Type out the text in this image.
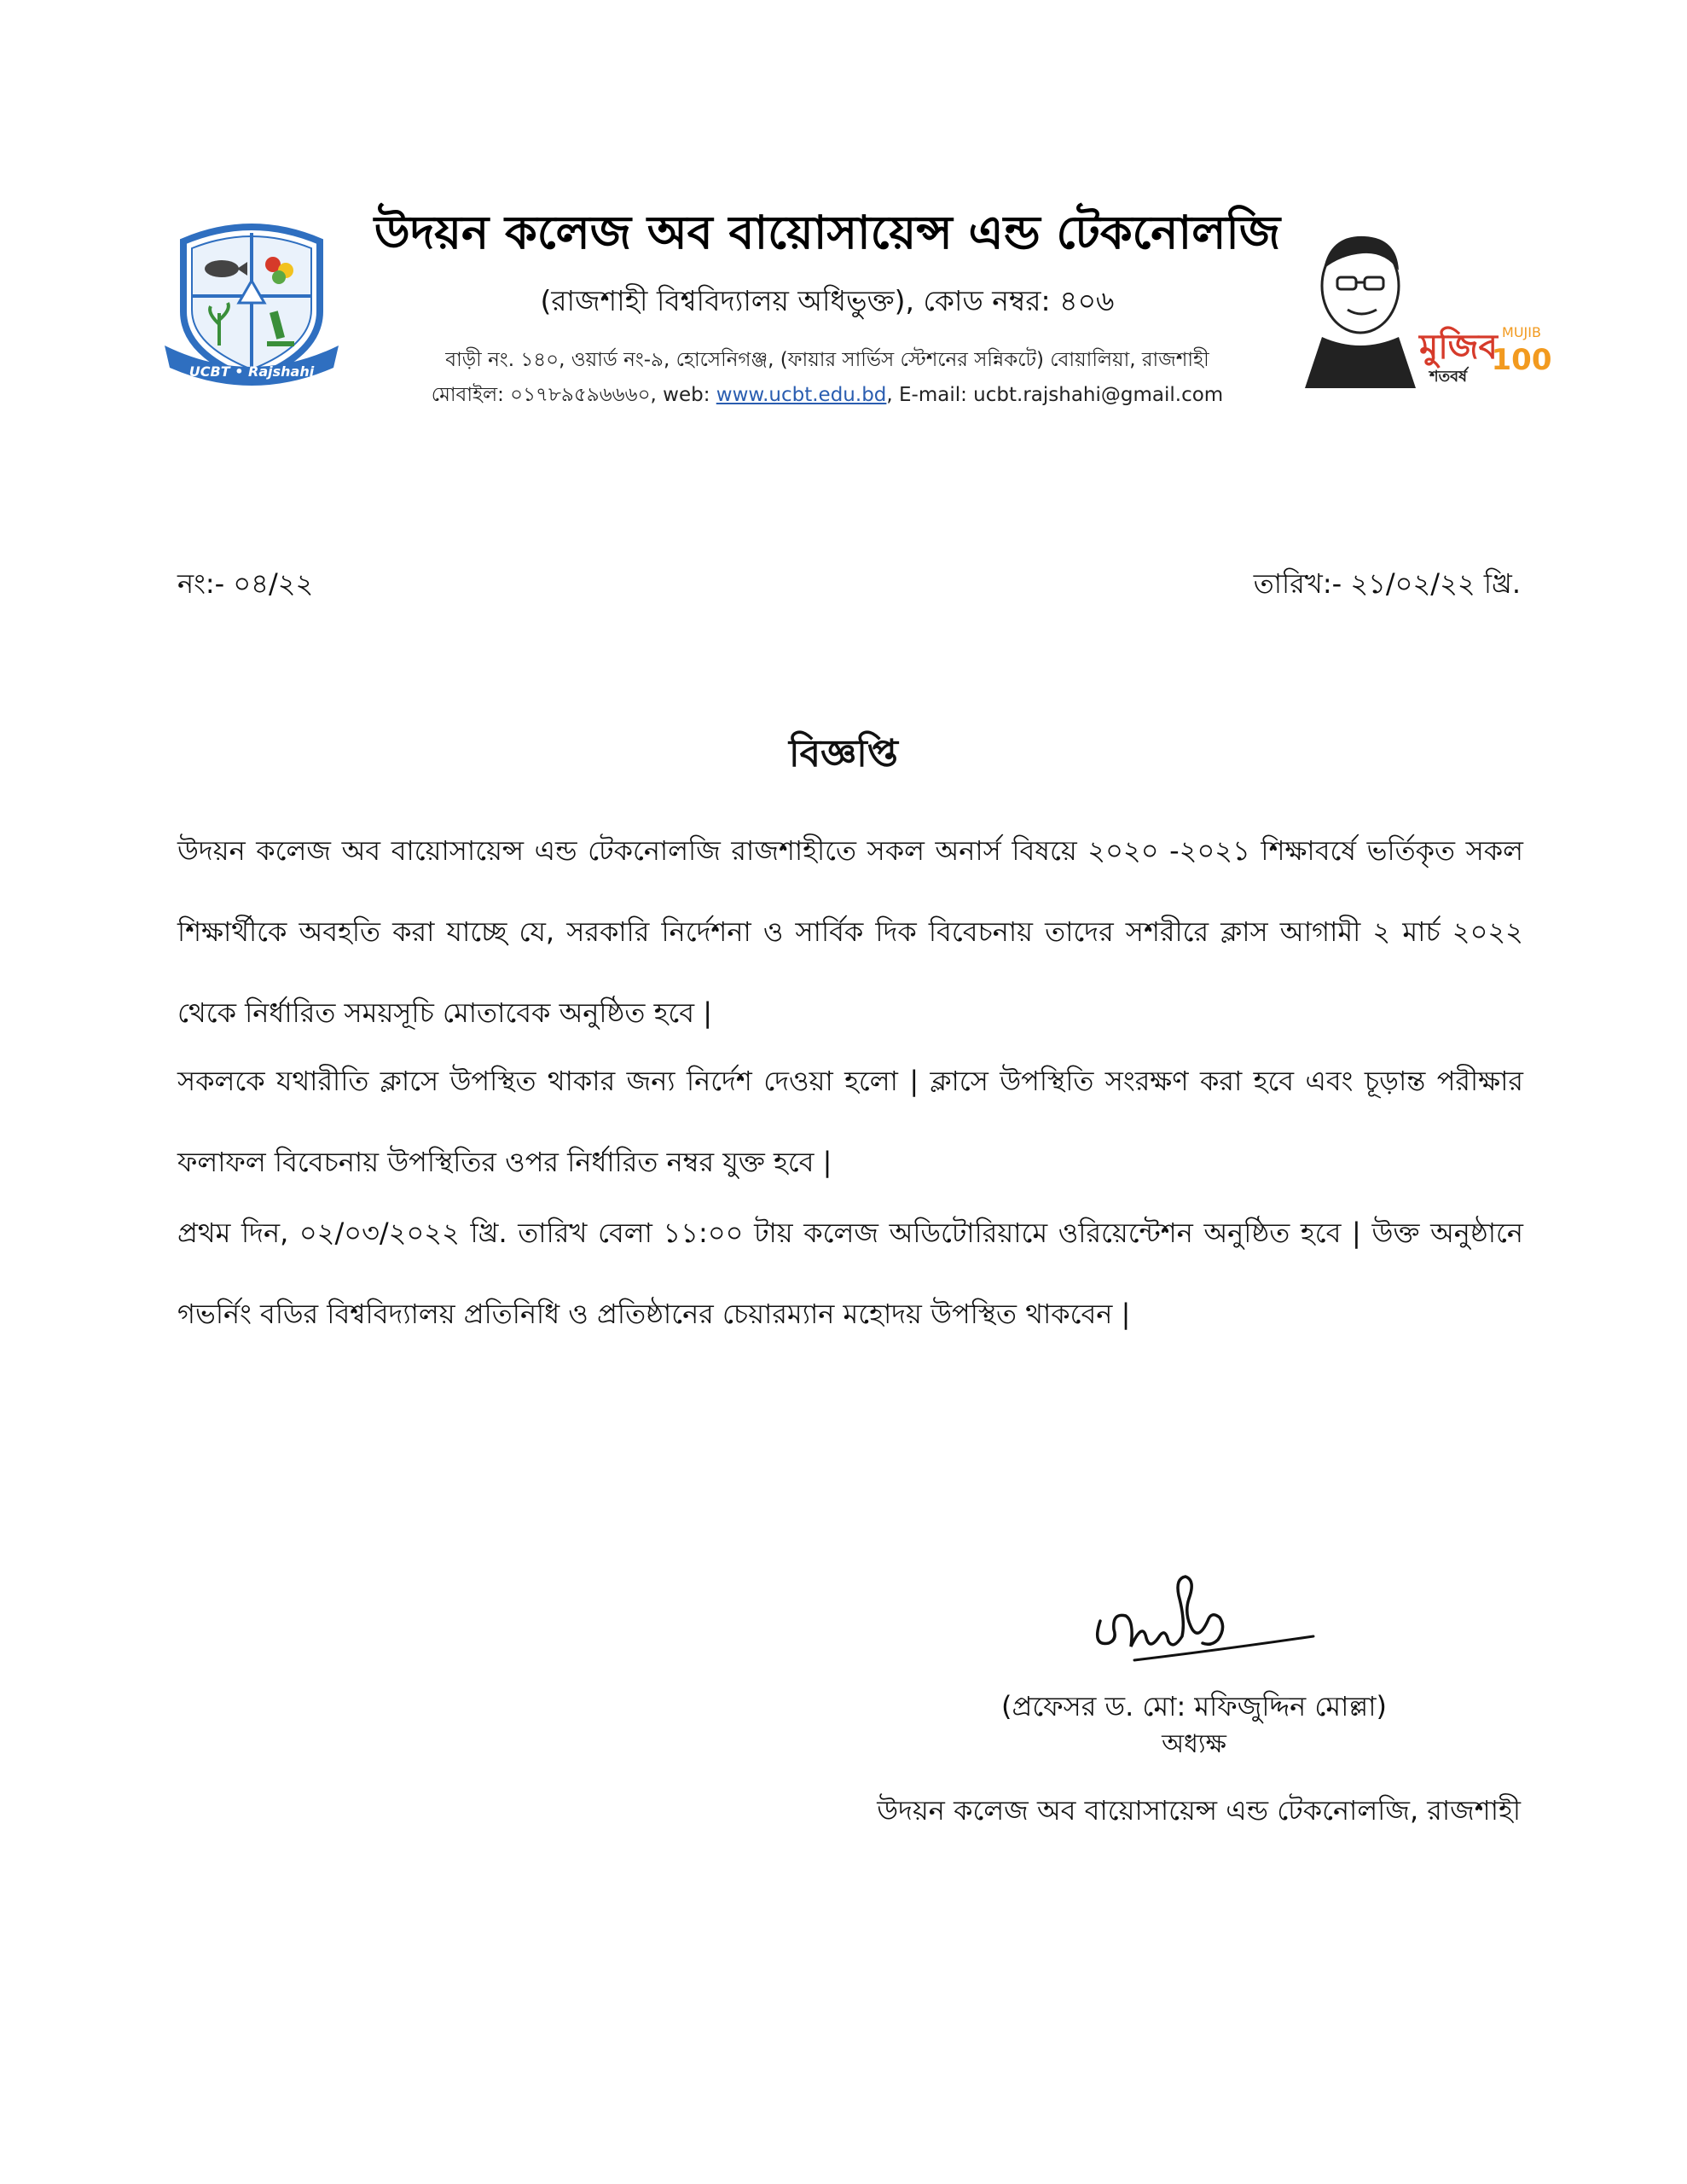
UCBT • Rajshahi
উদয়ন কলেজ অব বায়োসায়েন্স এন্ড টেকনোলজি
(রাজশাহী বিশ্ববিদ্যালয় অধিভুক্ত), কোড নম্বর: ৪০৬
বাড়ী নং. ১৪০, ওয়ার্ড নং-৯, হোসেনিগঞ্জ, (ফায়ার সার্ভিস স্টেশনের সন্নিকটে) বোয়ালিয়া, রাজশাহী
মোবাইল: ০১৭৮৯৫৯৬৬৬০, web: www.ucbt.edu.bd, E-mail: ucbt.rajshahi@gmail.com
মুজিব
শতবর্ষ
MUJIB
100
নং:- ০৪/২২	তারিখ:- ২১/০২/২২ খ্রি.
বিজ্ঞপ্তি
উদয়ন কলেজ অব বায়োসায়েন্স এন্ড টেকনোলজি রাজশাহীতে সকল অনার্স বিষয়ে ২০২০ -২০২১ শিক্ষাবর্ষে ভর্তিকৃত সকল শিক্ষার্থীকে অবহতি করা যাচ্ছে যে, সরকারি নির্দেশনা ও সার্বিক দিক বিবেচনায় তাদের সশরীরে ক্লাস আগামী ২ মার্চ ২০২২ থেকে নির্ধারিত সময়সূচি মোতাবেক অনুষ্ঠিত হবে |
সকলকে যথারীতি ক্লাসে উপস্থিত থাকার জন্য নির্দেশ দেওয়া হলো | ক্লাসে উপস্থিতি সংরক্ষণ করা হবে এবং চূড়ান্ত পরীক্ষার ফলাফল বিবেচনায় উপস্থিতির ওপর নির্ধারিত নম্বর যুক্ত হবে |
প্রথম দিন, ০২/০৩/২০২২ খ্রি. তারিখ বেলা ১১:০০ টায় কলেজ অডিটোরিয়ামে ওরিয়েন্টেশন অনুষ্ঠিত হবে | উক্ত অনুষ্ঠানে গভর্নিং বডির বিশ্ববিদ্যালয় প্রতিনিধি ও প্রতিষ্ঠানের চেয়ারম্যান মহোদয় উপস্থিত থাকবেন |
(প্রফেসর ড. মো: মফিজুদ্দিন মোল্লা)
অধ্যক্ষ
উদয়ন কলেজ অব বায়োসায়েন্স এন্ড টেকনোলজি, রাজশাহী
